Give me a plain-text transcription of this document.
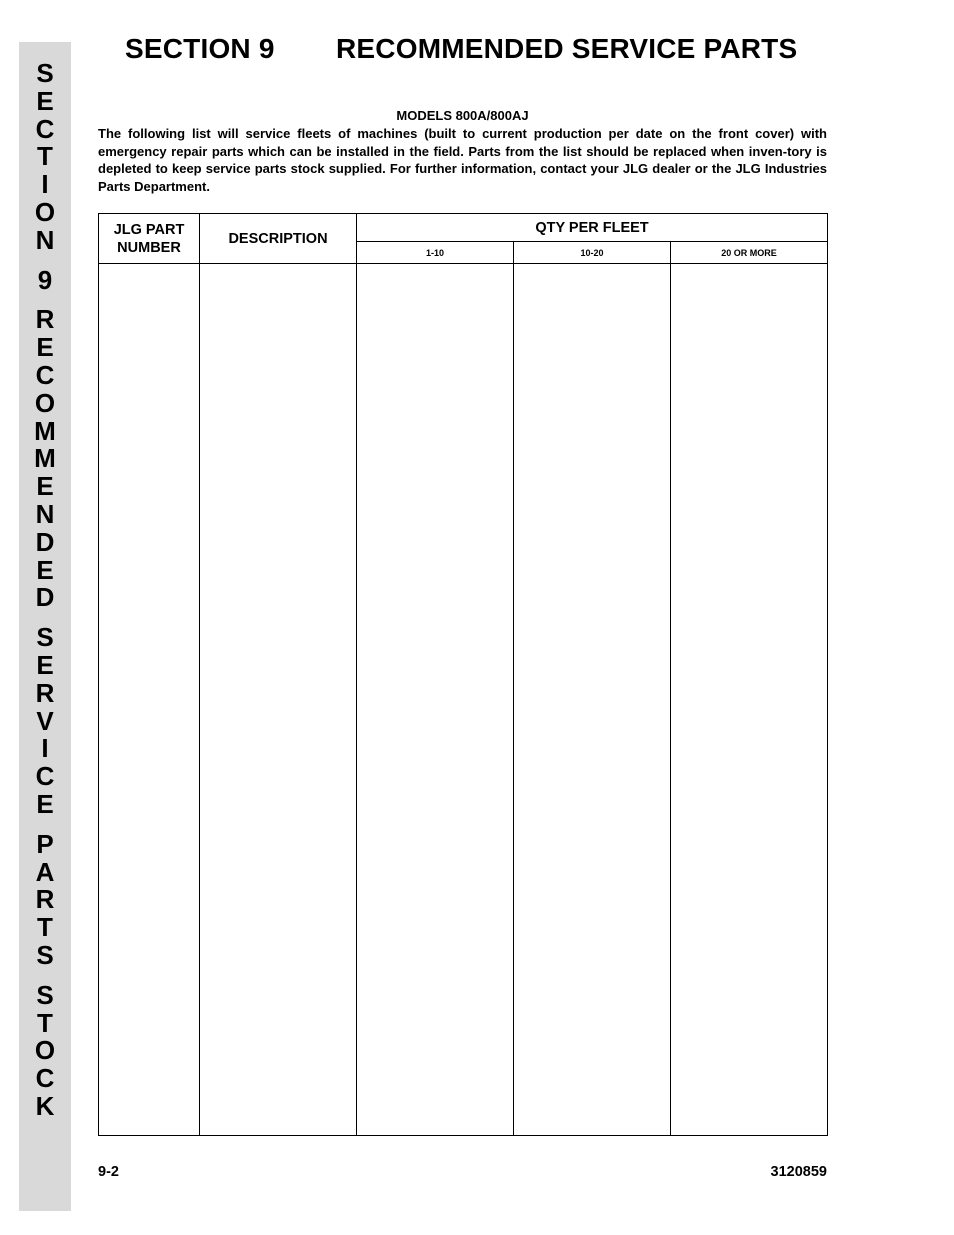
S
E
C
T
I
O
N
9
R
E
C
O
M
M
E
N
D
E
D
S
E
R
V
I
C
E
P
A
R
T
S
S
T
O
C
K
SECTION 9 RECOMMENDED SERVICE PARTS
MODELS 800A/800AJ

The following list will service fleets of machines (built to current production per date on the front cover) with emergency repair parts which can be installed in the field. Parts from the list should be replaced when inven-tory is depleted to keep service parts stock supplied. For further information, contact your JLG dealer or the JLG Industries Parts Department.

JLG PART
NUMBER	DESCRIPTION	QTY PER FLEET		
		1-10	10-20	20 OR MORE

9-2	3120859
